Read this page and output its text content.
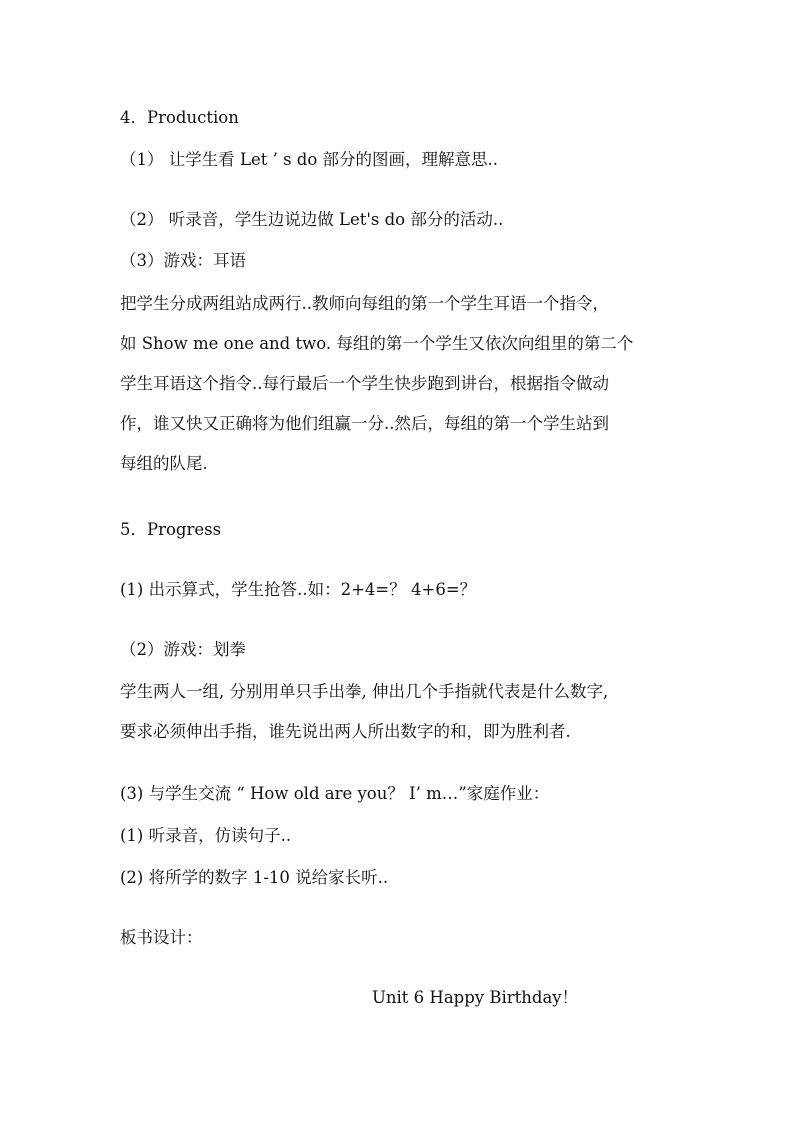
4．Production
（1） 让学生看 Let ’ s do 部分的图画，理解意思..
（2） 听录音，学生边说边做 Let's do 部分的活动..
（3）游戏：耳语
把学生分成两组站成两行..教师向每组的第一个学生耳语一个指令，
如 Show me one and two. 每组的第一个学生又依次向组里的第二个
学生耳语这个指令..每行最后一个学生快步跑到讲台，根据指令做动
作，谁又快又正确将为他们组赢一分..然后，每组的第一个学生站到
每组的队尾.
5．Progress
(1) 出示算式，学生抢答..如：2+4=？ 4+6=？
（2）游戏：划拳
学生两人一组, 分别用单只手出拳, 伸出几个手指就代表是什么数字,
要求必须伸出手指，谁先说出两人所出数字的和，即为胜利者.
(3) 与学生交流 “ How old are you？ I’ m…”家庭作业：
(1) 听录音，仿读句子..
(2) 将所学的数字 1-10 说给家长听..
板书设计：
Unit 6 Happy Birthday！
